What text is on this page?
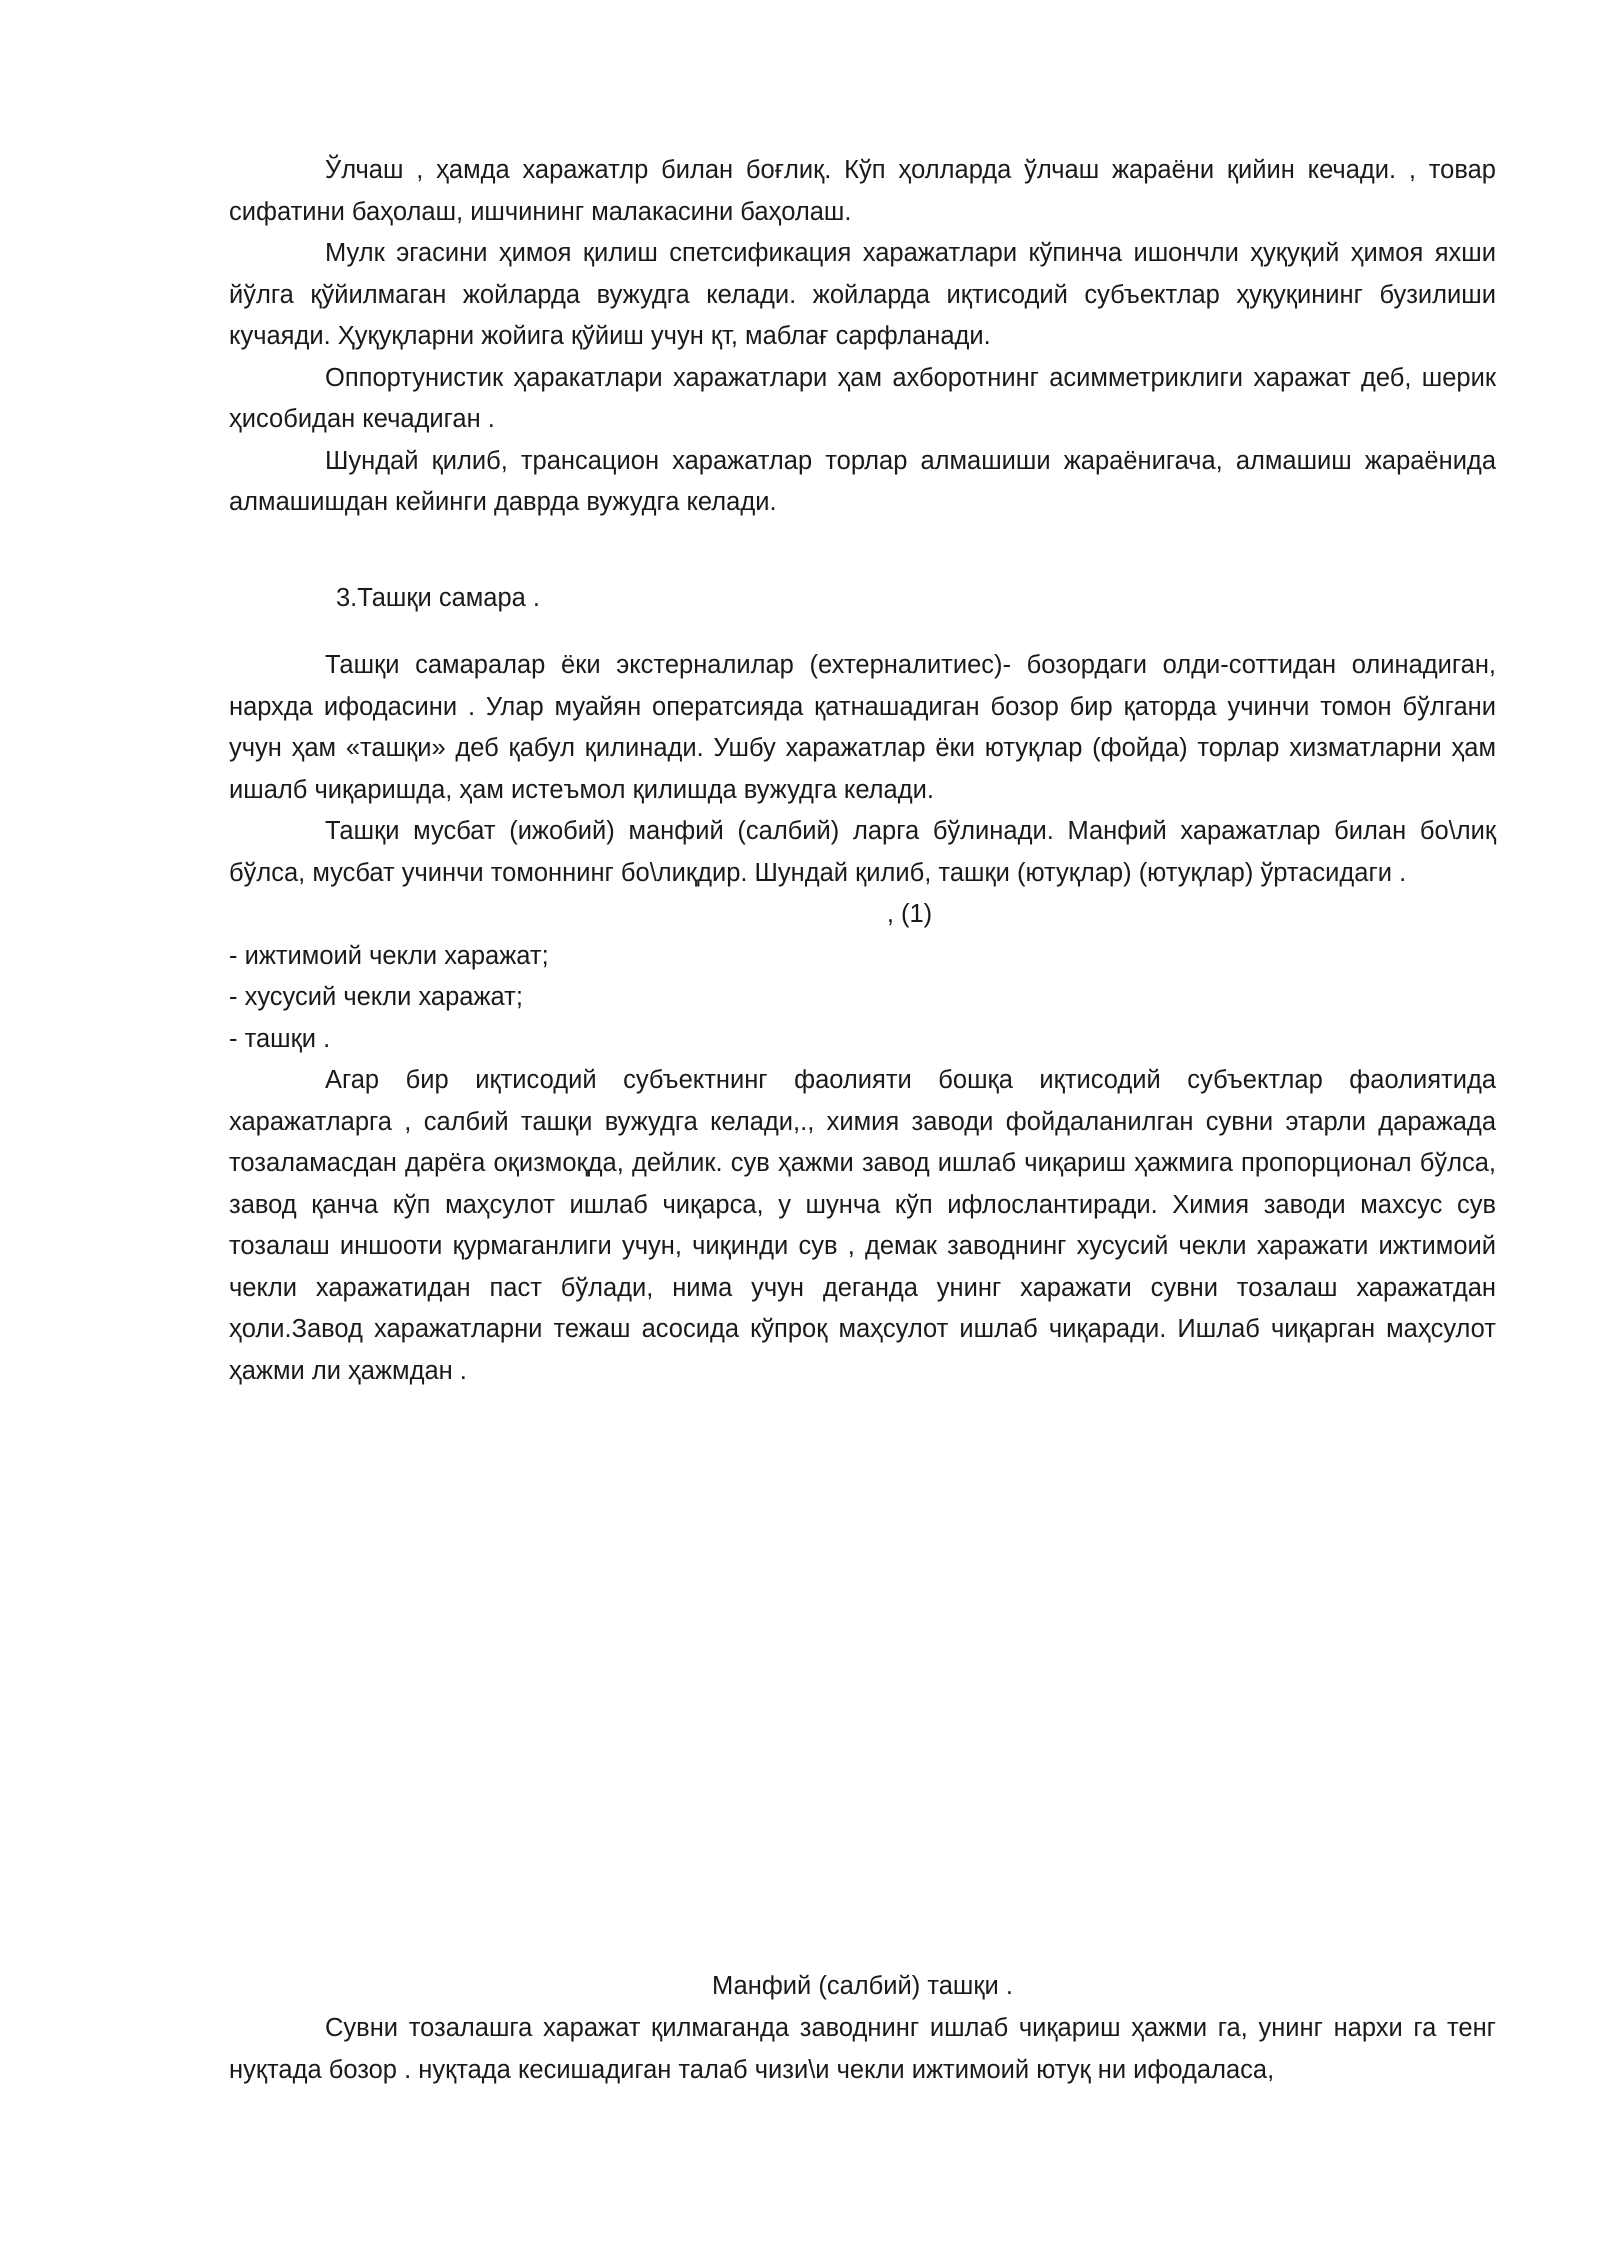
Ўлчаш , ҳамда харажатлр билан боғлиқ. Кўп ҳолларда ўлчаш жараёни қийин кечади. , товар сифатини баҳолаш, ишчининг малакасини баҳолаш.

Мулк эгасини ҳимоя қилиш спетсификация харажатлари кўпинча ишончли ҳуқуқий ҳимоя яхши йўлга қўйилмаган жойларда вужудга келади. жойларда иқтисодий субъектлар ҳуқуқининг бузилиши кучаяди. Ҳуқуқларни жойига қўйиш учун қт, маблағ сарфланади.

Оппортунистик ҳаракатлари харажатлари ҳам ахборотнинг асимметриклиги харажат деб, шерик ҳисобидан кечадиган .

Шундай қилиб, трансацион харажатлар торлар алмашиши жараёнигача, алмашиш жараёнида алмашишдан кейинги даврда вужудга келади.

3.Ташқи самара .

Ташқи самаралар ёки экстерналилар (ехтерналитиес)- бозордаги олди-соттидан олинадиган, нархда ифодасини . Улар муайян оператсияда қатнашадиган бозор бир қаторда учинчи томон бўлгани учун ҳам «ташқи» деб қабул қилинади. Ушбу харажатлар ёки ютуқлар (фойда) торлар хизматларни ҳам ишалб чиқаришда, ҳам истеъмол қилишда вужудга келади.

Ташқи мусбат (ижобий) манфий (салбий) ларга бўлинади. Манфий харажатлар билан бо\лиқ бўлса, мусбат учинчи томоннинг бо\лиқдир. Шундай қилиб, ташқи (ютуқлар) (ютуқлар) ўртасидаги .

, (1)

- ижтимоий чекли харажат;

- хусусий чекли харажат;

- ташқи .

Агар бир иқтисодий субъектнинг фаолияти бошқа иқтисодий субъектлар фаолиятида харажатларга , салбий ташқи вужудга келади,., химия заводи фойдаланилган сувни этарли даражада тозаламасдан дарёга оқизмоқда, дейлик. сув ҳажми завод ишлаб чиқариш ҳажмига пропорционал бўлса, завод қанча кўп маҳсулот ишлаб чиқарса, у шунча кўп ифлослантиради. Химия заводи махсус сув тозалаш иншооти қурмаганлиги учун, чиқинди сув , демак заводнинг хусусий чекли харажати ижтимоий чекли харажатидан паст бўлади, нима учун деганда унинг харажати сувни тозалаш харажатдан ҳоли.Завод харажатларни тежаш асосида кўпроқ маҳсулот ишлаб чиқаради. Ишлаб чиқарган маҳсулот ҳажми ли ҳажмдан .

Манфий (салбий) ташқи .

Сувни тозалашга харажат қилмаганда заводнинг ишлаб чиқариш ҳажми га, унинг нархи га тенг нуқтада бозор . нуқтада кесишадиган талаб чизи\и чекли ижтимоий ютуқ ни ифодаласа,
